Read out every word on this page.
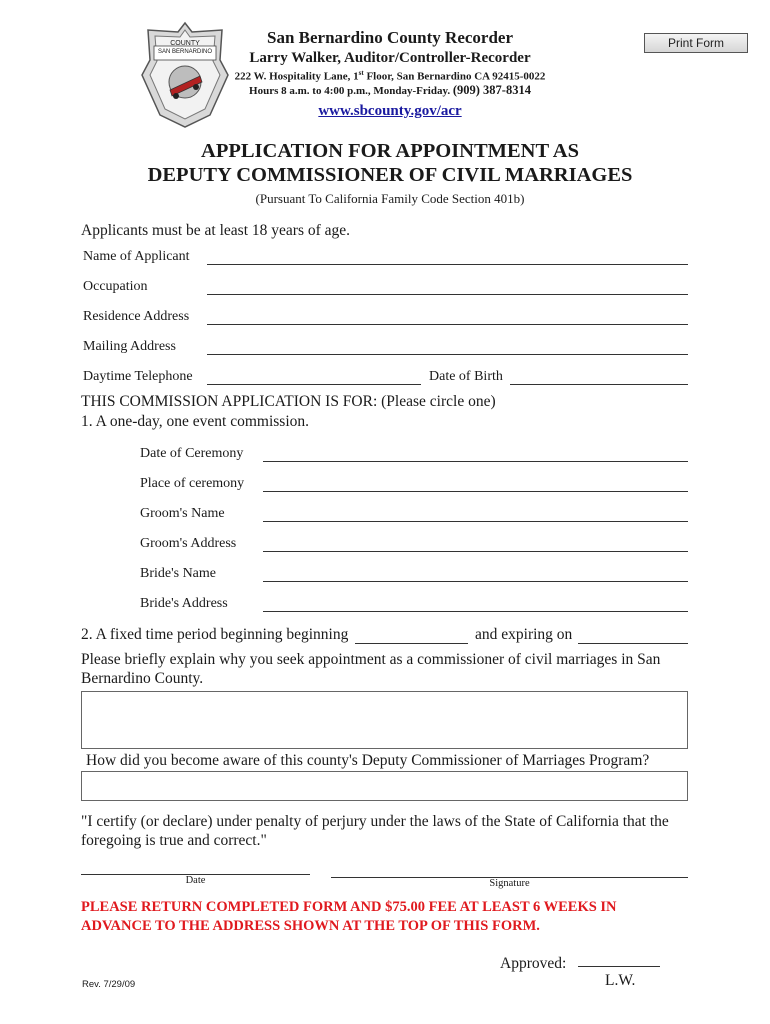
COUNTY
SAN BERNARDINO
Print Form
San Bernardino County Recorder
Larry Walker, Auditor/Controller-Recorder
222 W. Hospitality Lane, 1st Floor, San Bernardino CA 92415-0022
Hours 8 a.m. to 4:00 p.m., Monday-Friday. (909) 387-8314
www.sbcounty.gov/acr
APPLICATION FOR APPOINTMENT AS
DEPUTY COMMISSIONER OF CIVIL MARRIAGES
(Pursuant To California Family Code Section 401b)
Applicants must be at least 18 years of age.
Name of Applicant
Occupation
Residence Address
Mailing Address
Daytime Telephone	Date of Birth
THIS COMMISSION APPLICATION IS FOR: (Please circle one)
1. A one-day, one event commission.
Date of Ceremony
Place of ceremony
Groom's Name
Groom's Address
Bride's Name
Bride's Address
2. A fixed time period beginning beginning	and expiring on
Please briefly explain why you seek appointment as a commissioner of civil marriages in San Bernardino County.
How did you become aware of this county's Deputy Commissioner of Marriages Program?
"I certify (or declare) under penalty of perjury under the laws of the State of California that the foregoing is true and correct."
Date	Signature
PLEASE RETURN COMPLETED FORM AND $75.00 FEE AT LEAST 6 WEEKS IN
ADVANCE TO THE ADDRESS SHOWN AT THE TOP OF THIS FORM.
Approved:
L.W.
Rev. 7/29/09
